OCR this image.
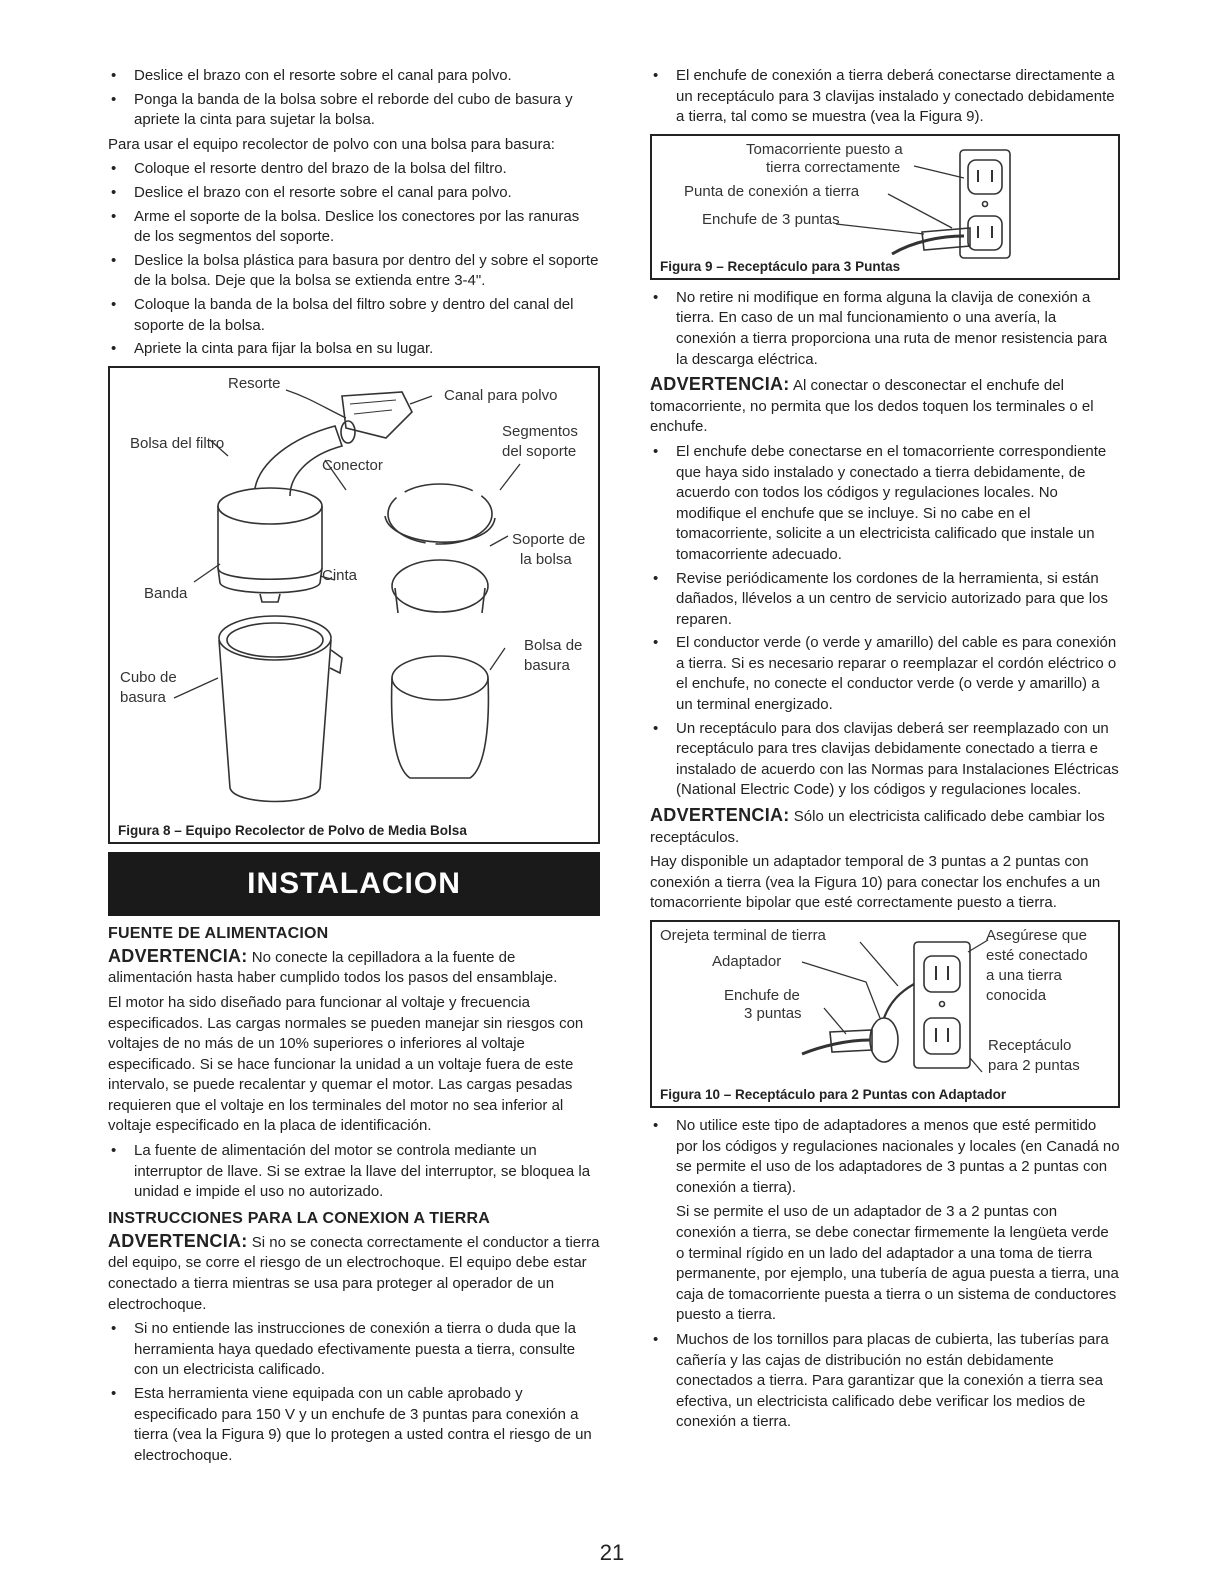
• Deslice el brazo con el resorte sobre el canal para polvo.
• Ponga la banda de la bolsa sobre el reborde del cubo de basura y apriete la cinta para sujetar la bolsa.

Para usar el equipo recolector de polvo con una bolsa para basura:

• Coloque el resorte dentro del brazo de la bolsa del filtro.
• Deslice el brazo con el resorte sobre el canal para polvo.
• Arme el soporte de la bolsa. Deslice los conectores por las ranuras de los segmentos del soporte.
• Deslice la bolsa plástica para basura por dentro del y sobre el soporte de la bolsa. Deje que la bolsa se extienda entre 3-4".
• Coloque la banda de la bolsa del filtro sobre y dentro del canal del soporte de la bolsa.
• Apriete la cinta para fijar la bolsa en su lugar.
Resorte
Canal para polvo
Bolsa del filtro
Segmentos
del soporte
Conector
Soporte de
la bolsa
Cinta
Banda
Bolsa de
basura
Cubo de
basura
Figura 8 – Equipo Recolector de Polvo de Media Bolsa
INSTALACION
FUENTE DE ALIMENTACION

ADVERTENCIA: No conecte la cepilladora a la fuente de alimentación hasta haber cumplido todos los pasos del ensamblaje.

El motor ha sido diseñado para funcionar al voltaje y frecuencia especificados. Las cargas normales se pueden manejar sin riesgos con voltajes de no más de un 10% superiores o inferiores al voltaje especificado. Si se hace funcionar la unidad a un voltaje fuera de este intervalo, se puede recalentar y quemar el motor. Las cargas pesadas requieren que el voltaje en los terminales del motor no sea inferior al voltaje especificado en la placa de identificación.

• La fuente de alimentación del motor se controla mediante un interruptor de llave. Si se extrae la llave del interruptor, se bloquea la unidad e impide el uso no autorizado.
INSTRUCCIONES PARA LA CONEXION A TIERRA

ADVERTENCIA: Si no se conecta correctamente el conductor a tierra del equipo, se corre el riesgo de un electrochoque. El equipo debe estar conectado a tierra mientras se usa para proteger al operador de un electrochoque.

• Si no entiende las instrucciones de conexión a tierra o duda que la herramienta haya quedado efectivamente puesta a tierra, consulte con un electricista calificado.
• Esta herramienta viene equipada con un cable aprobado y especificado para 150 V y un enchufe de 3 puntas para conexión a tierra (vea la Figura 9) que lo protegen a usted contra el riesgo de un electrochoque.
• El enchufe de conexión a tierra deberá conectarse directamente a un receptáculo para 3 clavijas instalado y conectado debidamente a tierra, tal como se muestra (vea la Figura 9).
Tomacorriente puesto a
tierra correctamente
Punta de conexión a tierra
Enchufe de 3 puntas
Figura 9 – Receptáculo para 3 Puntas
• No retire ni modifique en forma alguna la clavija de conexión a tierra. En caso de un mal funcionamiento o una avería, la conexión a tierra proporciona una ruta de menor resistencia para la descarga eléctrica.

ADVERTENCIA: Al conectar o desconectar el enchufe del tomacorriente, no permita que los dedos toquen los terminales o el enchufe.

• El enchufe debe conectarse en el tomacorriente correspondiente que haya sido instalado y conectado a tierra debidamente, de acuerdo con todos los códigos y regulaciones locales. No modifique el enchufe que se incluye. Si no cabe en el tomacorriente, solicite a un electricista calificado que instale un tomacorriente adecuado.
• Revise periódicamente los cordones de la herramienta, si están dañados, llévelos a un centro de servicio autorizado para que los reparen.
• El conductor verde (o verde y amarillo) del cable es para conexión a tierra. Si es necesario reparar o reemplazar el cordón eléctrico o el enchufe, no conecte el conductor verde (o verde y amarillo) a un terminal energizado.
• Un receptáculo para dos clavijas deberá ser reemplazado con un receptáculo para tres clavijas debidamente conectado a tierra e instalado de acuerdo con las Normas para Instalaciones Eléctricas (National Electric Code) y los códigos y regulaciones locales.

ADVERTENCIA: Sólo un electricista calificado debe cambiar los receptáculos.

Hay disponible un adaptador temporal de 3 puntas a 2 puntas con conexión a tierra (vea la Figura 10) para conectar los enchufes a un tomacorriente bipolar que esté correctamente puesto a tierra.

Orejeta terminal de tierra
Adaptador
Enchufe de
3 puntas
Asegúrese que
esté conectado
a una tierra
conocida
Receptáculo
para 2 puntas
Figura 10 – Receptáculo para 2 Puntas con Adaptador
• No utilice este tipo de adaptadores a menos que esté permitido por los códigos y regulaciones nacionales y locales (en Canadá no se permite el uso de los adaptadores de 3 puntas a 2 puntas con conexión a tierra).

Si se permite el uso de un adaptador de 3 a 2 puntas con conexión a tierra, se debe conectar firmemente la lengüeta verde o terminal rígido en un lado del adaptador a una toma de tierra permanente, por ejemplo, una tubería de agua puesta a tierra, una caja de tomacorriente puesta a tierra o un sistema de conductores puesto a tierra.

• Muchos de los tornillos para placas de cubierta, las tuberías para cañería y las cajas de distribución no están debidamente conectados a tierra. Para garantizar que la conexión a tierra sea efectiva, un electricista calificado debe verificar los medios de conexión a tierra.
21
